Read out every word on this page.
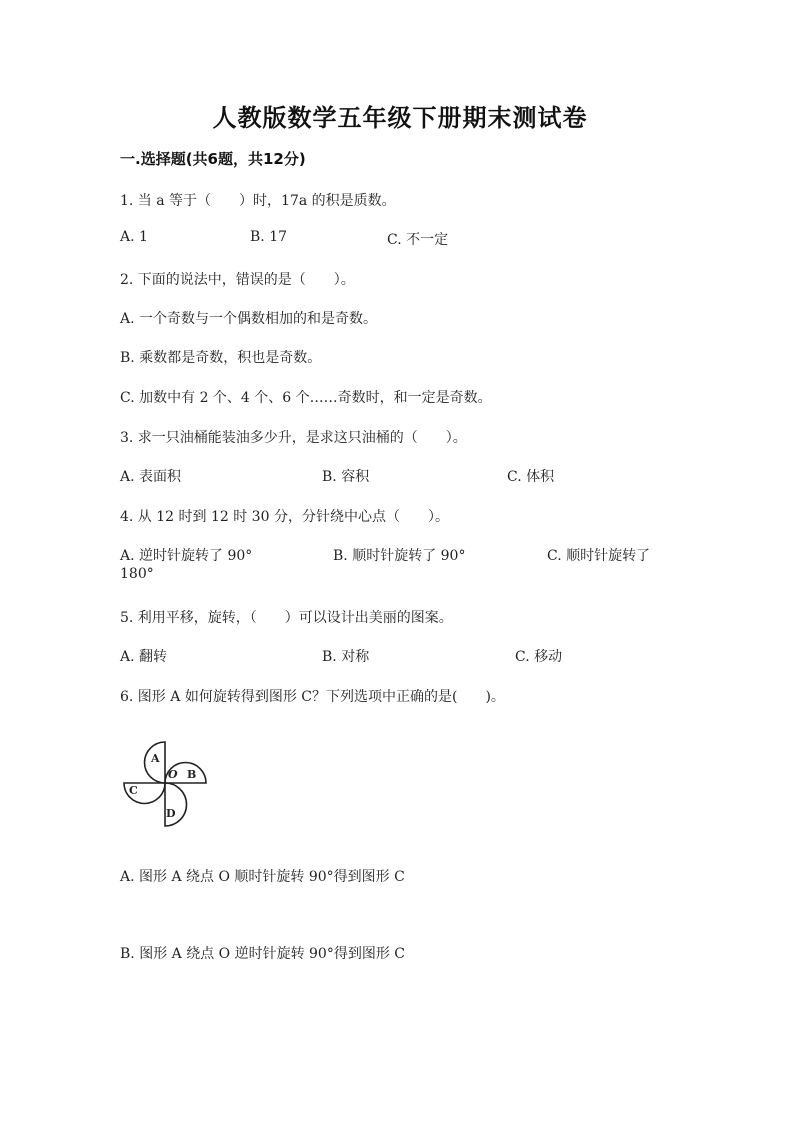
人教版数学五年级下册期末测试卷
一.选择题(共6题，共12分)
1. 当 a 等于（　　）时，17a 的积是质数。
A. 1	B. 17	C. 不一定
2. 下面的说法中，错误的是（　　）。
A. 一个奇数与一个偶数相加的和是奇数。
B. 乘数都是奇数，积也是奇数。
C. 加数中有 2 个、4 个、6 个……奇数时，和一定是奇数。
3. 求一只油桶能装油多少升，是求这只油桶的（　　）。
A. 表面积	B. 容积	C. 体积
4. 从 12 时到 12 时 30 分，分针绕中心点（　　）。
A. 逆时针旋转了 90°	B. 顺时针旋转了 90°	C. 顺时针旋转了
180°
5. 利用平移，旋转，（　　）可以设计出美丽的图案。
A. 翻转	B. 对称	C. 移动
6. 图形 A 如何旋转得到图形 C？下列选项中正确的是(　　)。
A
B
C
D
O
A. 图形 A 绕点 O 顺时针旋转 90°得到图形 C
B. 图形 A 绕点 O 逆时针旋转 90°得到图形 C
